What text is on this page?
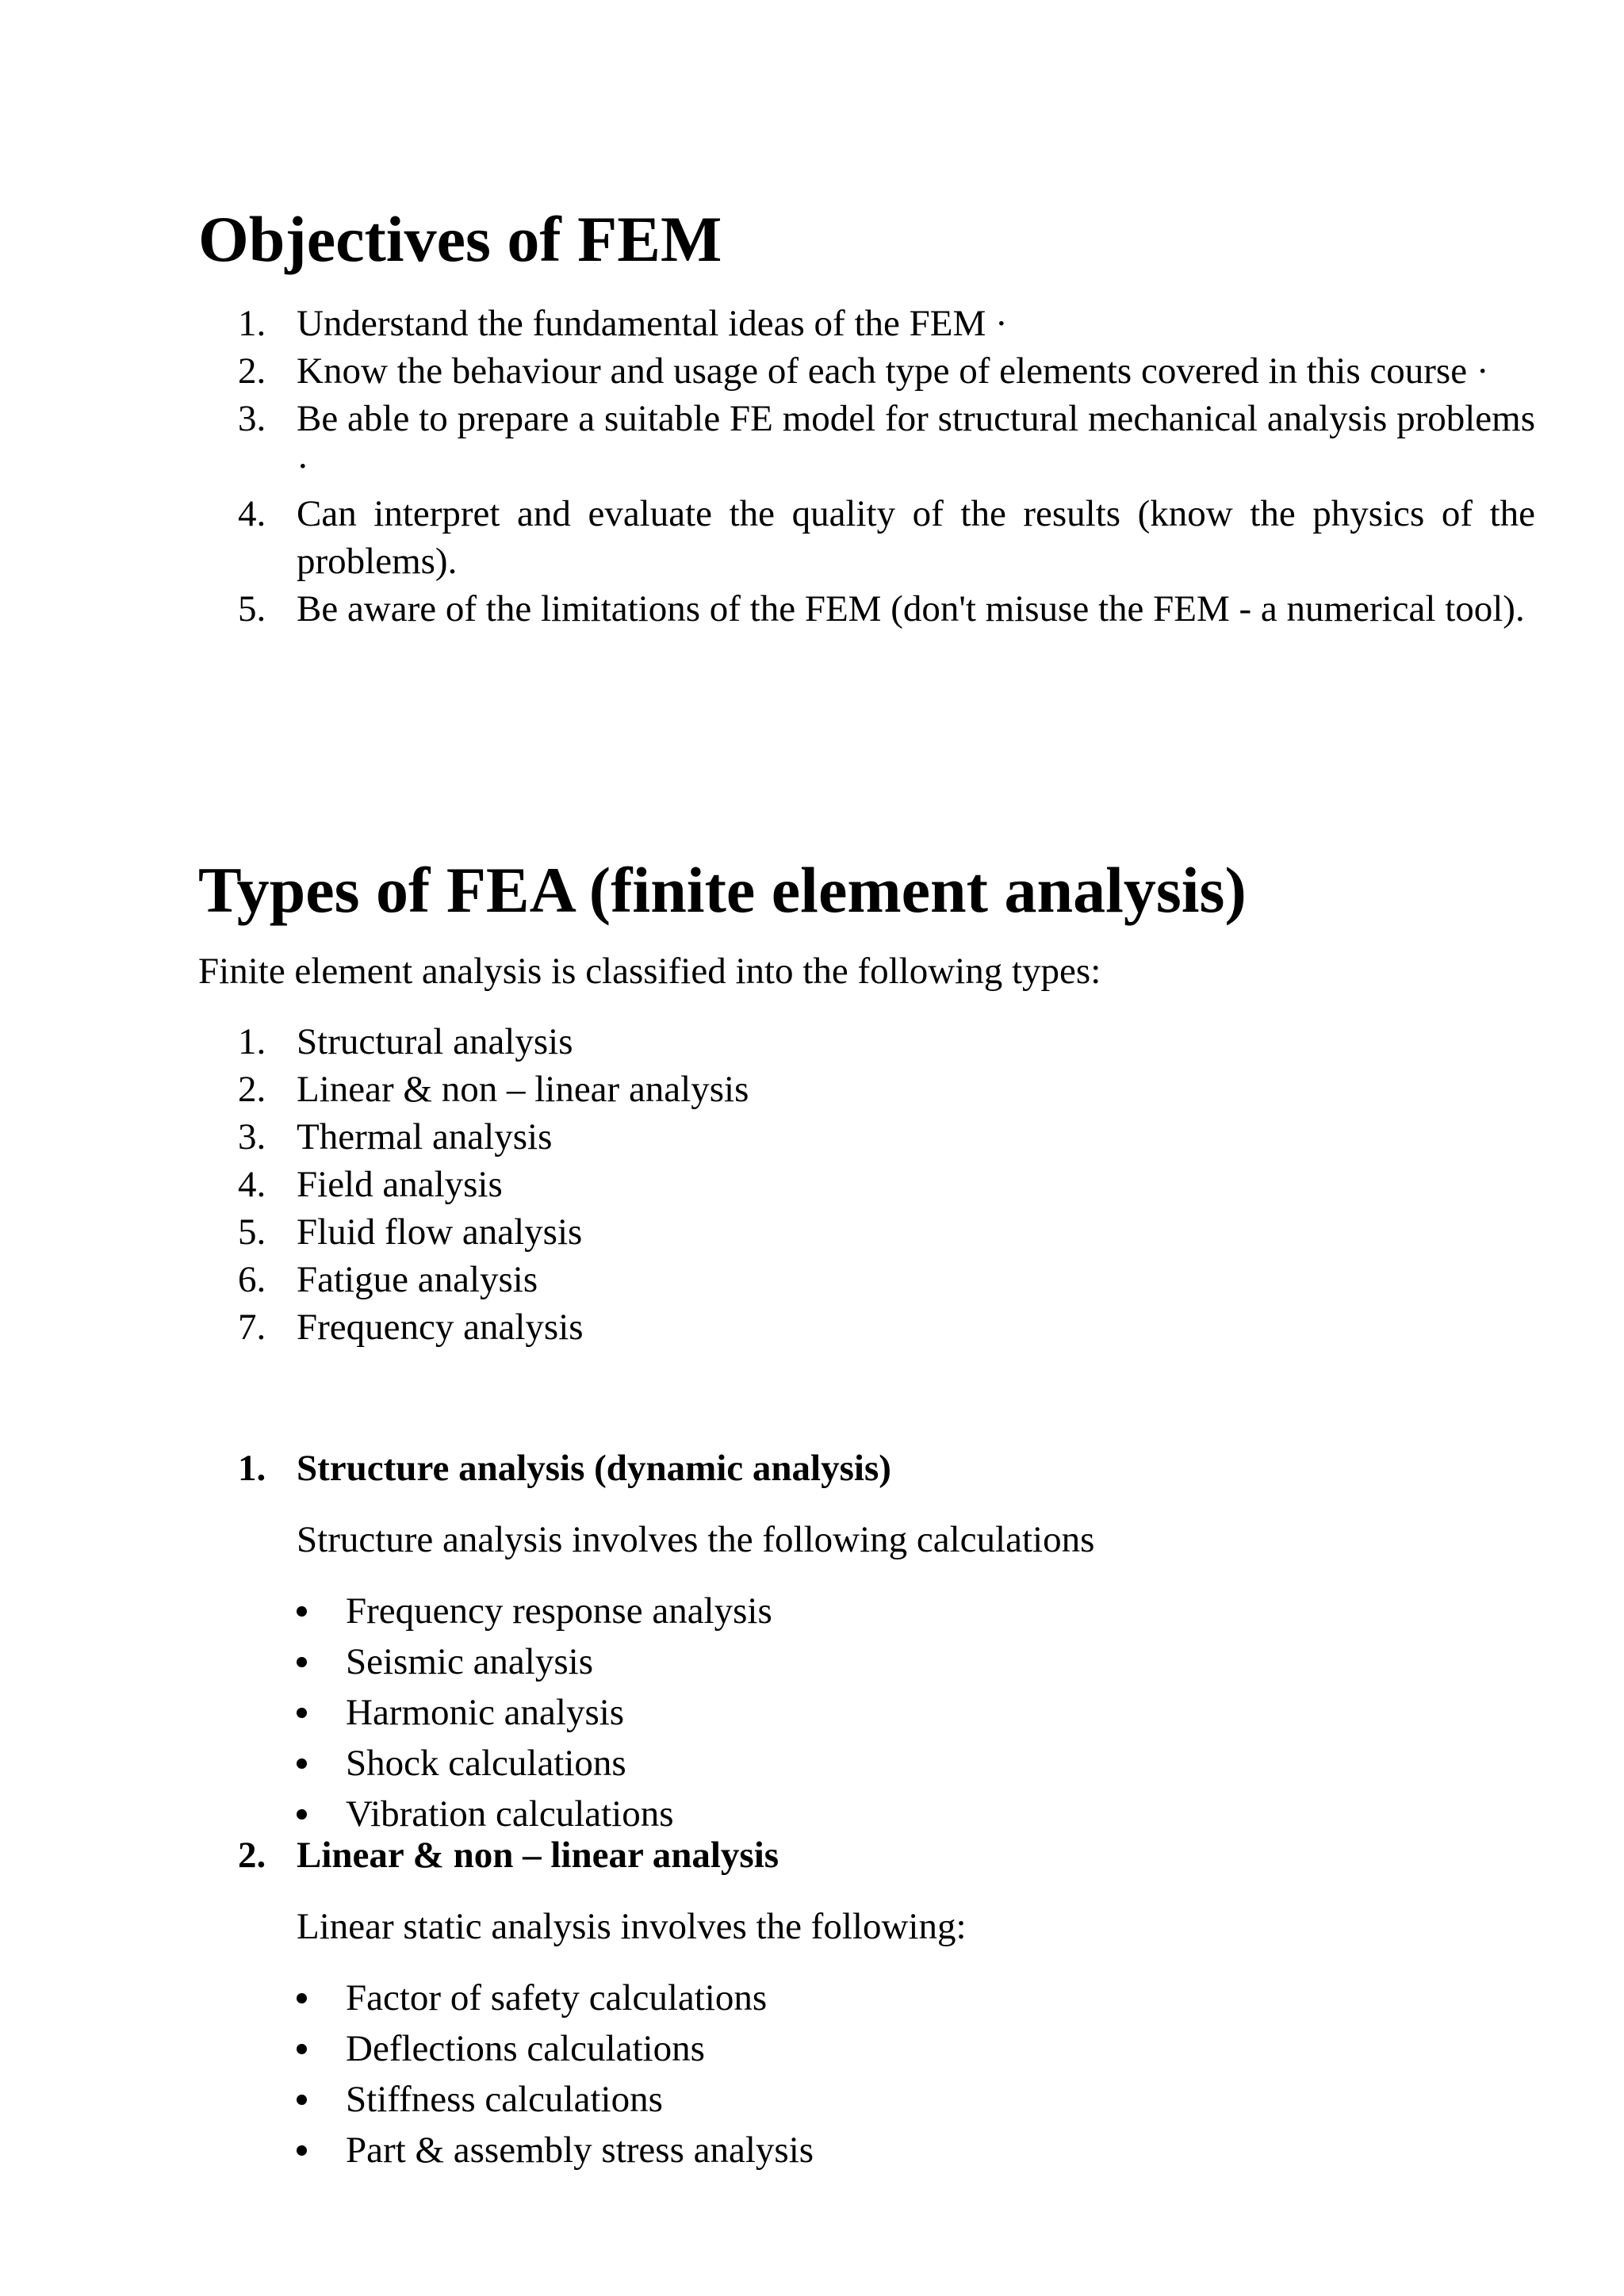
Objectives of FEM
1. Understand the fundamental ideas of the FEM ·
2. Know the behaviour and usage of each type of elements covered in this course ·
3. Be able to prepare a suitable FE model for structural mechanical analysis problems ·
4. Can interpret and evaluate the quality of the results (know the physics of the problems).
5. Be aware of the limitations of the FEM (don't misuse the FEM - a numerical tool).
Types of FEA (finite element analysis)
Finite element analysis is classified into the following types:
1. Structural analysis
2. Linear & non – linear analysis
3. Thermal analysis
4. Field analysis
5. Fluid flow analysis
6. Fatigue analysis
7. Frequency analysis
1. Structure analysis (dynamic analysis)
Structure analysis involves the following calculations
Frequency response analysis
Seismic analysis
Harmonic analysis
Shock calculations
Vibration calculations
2. Linear & non – linear analysis
Linear static analysis involves the following:
Factor of safety calculations
Deflections calculations
Stiffness calculations
Part & assembly stress analysis
